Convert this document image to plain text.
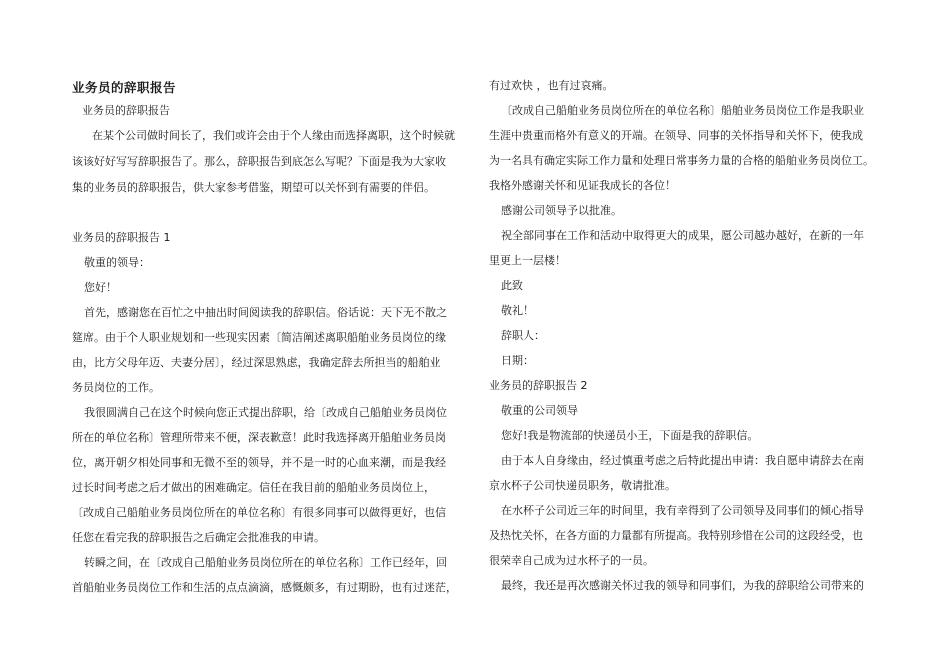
业务员的辞职报告
业务员的辞职报告
在某个公司做时间长了，我们或许会由于个人缘由而选择离职，这个时候就
该该好好写写辞职报告了。那么，辞职报告到底怎么写呢？下面是我为大家收
集的业务员的辞职报告，供大家参考借鉴，期望可以关怀到有需要的伴侣。
业务员的辞职报告 1
敬重的领导：
您好！
首先，感谢您在百忙之中抽出时间阅读我的辞职信。俗话说：天下无不散之
筵席。由于个人职业规划和一些现实因素〔简洁阐述离职船舶业务员岗位的缘
由，比方父母年迈、夫妻分居〕，经过深思熟虑，我确定辞去所担当的船舶业
务员岗位的工作。
我很圆满自己在这个时候向您正式提出辞职，给〔改成自己船舶业务员岗位
所在的单位名称〕管理所带来不便，深表歉意！此时我选择离开船舶业务员岗
位，离开朝夕相处同事和无微不至的领导，并不是一时的心血来潮，而是我经
过长时间考虑之后才做出的困难确定。信任在我目前的船舶业务员岗位上，
〔改成自己船舶业务员岗位所在的单位名称〕有很多同事可以做得更好，也信
任您在看完我的辞职报告之后确定会批准我的申请。
转瞬之间，在〔改成自己船舶业务员岗位所在的单位名称〕工作已经年，回
首船舶业务员岗位工作和生活的点点滴滴，感慨颇多，有过期盼，也有过迷茫，
有过欢快 ，也有过哀痛。
〔改成自己船舶业务员岗位所在的单位名称〕船舶业务员岗位工作是我职业
生涯中贵重而格外有意义的开端。在领导、同事的关怀指导和关怀下，使我成
为一名具有确定实际工作力量和处理日常事务力量的合格的船舶业务员岗位工。
我格外感谢关怀和见证我成长的各位！
感谢公司领导予以批准。
祝全部同事在工作和活动中取得更大的成果，愿公司越办越好，在新的一年
里更上一层楼！
此致
敬礼！
辞职人：
日期：
业务员的辞职报告 2
敬重的公司领导
您好!我是物流部的快递员小王，下面是我的辞职信。
由于本人自身缘由，经过慎重考虑之后特此提出申请：我自愿申请辞去在南
京水杯子公司快递员职务，敬请批准。
在水杯子公司近三年的时间里，我有幸得到了公司领导及同事们的倾心指导
及热忱关怀，在各方面的力量都有所提高。我特别珍惜在公司的这段经受，也
很荣幸自己成为过水杯子的一员。
最终，我还是再次感谢关怀过我的领导和同事们，为我的辞职给公司带来的
